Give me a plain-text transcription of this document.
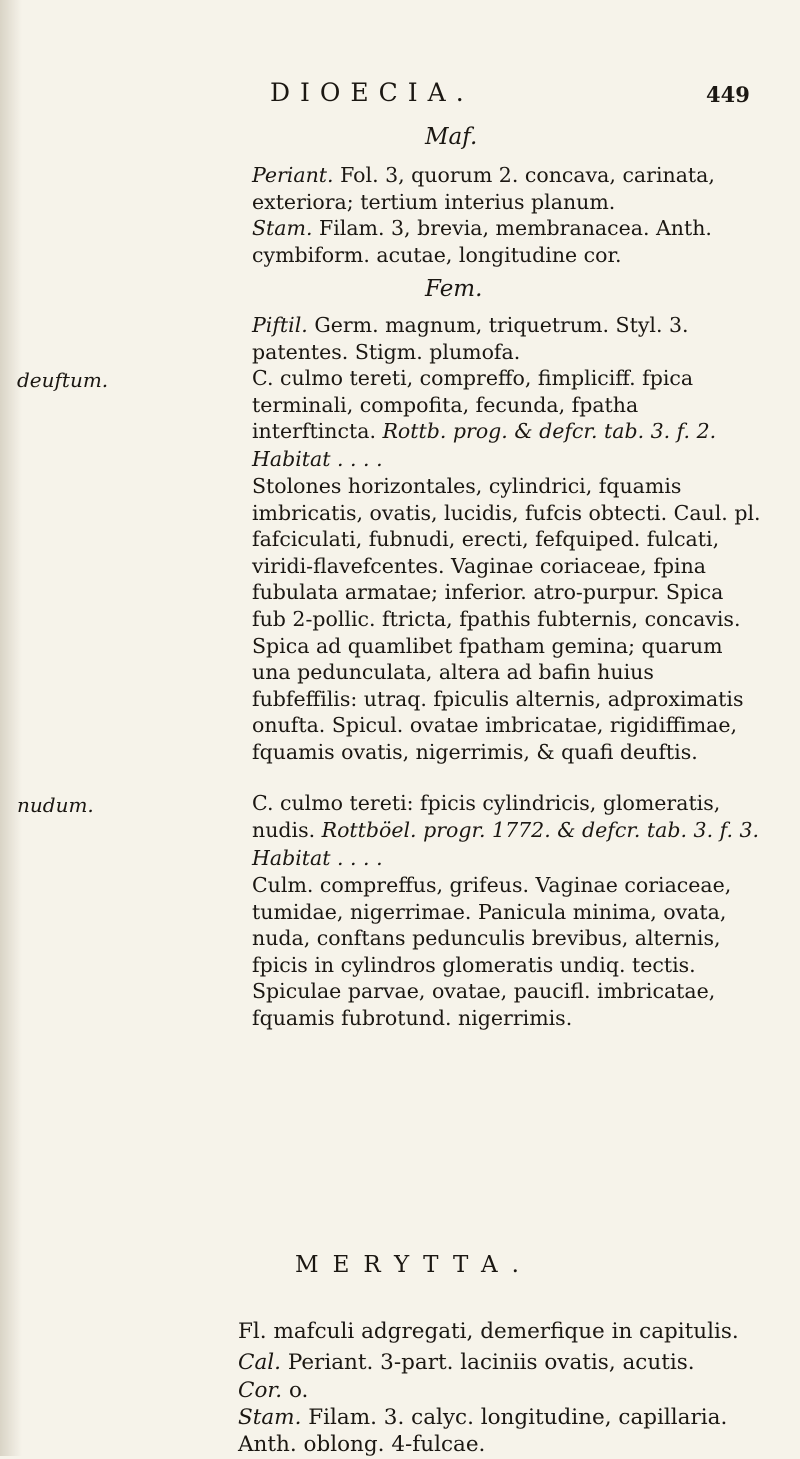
DIOECIA.	449
Maf.

Periant. Fol. 3, quorum 2. concava, carinata, exteriora; tertium interius planum.

Stam. Filam. 3, brevia, membranacea. Anth. cymbiform. acutae, longitudine cor.

Fem.

Piftil. Germ. magnum, triquetrum. Styl. 3. patentes. Stigm. plumofa.

deuftum.	C. culmo tereti, compreffo, fimpliciff. fpica terminali, compofita, fecunda, fpatha interftincta. Rottb. prog. & defcr. tab. 3. f. 2.

Habitat . . . .

Stolones horizontales, cylindrici, fquamis imbricatis, ovatis, lucidis, fufcis obtecti. Caul. pl. fafciculati, fubnudi, erecti, fefquiped. fulcati, viridi-flavefcentes. Vaginae coriaceae, fpina fubulata armatae; inferior. atro-purpur. Spica fub 2-pollic. ftricta, fpathis fubternis, concavis. Spica ad quamlibet fpatham gemina; quarum una pedunculata, altera ad bafin huius fubfeffilis: utraq. fpiculis alternis, adproximatis onufta. Spicul. ovatae imbricatae, rigidiffimae, fquamis ovatis, nigerrimis, & quafi deuftis.

nudum.	C. culmo tereti: fpicis cylindricis, glomeratis, nudis. Rottböel. progr. 1772. & defcr. tab. 3. f. 3.

Habitat . . . .

Culm. compreffus, grifeus. Vaginae coriaceae, tumidae, nigerrimae. Panicula minima, ovata, nuda, conftans pedunculis brevibus, alternis, fpicis in cylindros glomeratis undiq. tectis. Spiculae parvae, ovatae, paucifl. imbricatae, fquamis fubrotund. nigerrimis.

MERYTTA.

Fl. mafculi adgregati, demerfique in capitulis.

Cal. Periant. 3-part. laciniis ovatis, acutis.

Cor. o.

Stam. Filam. 3. calyc. longitudine, capillaria. Anth. oblong. 4-fulcae.
